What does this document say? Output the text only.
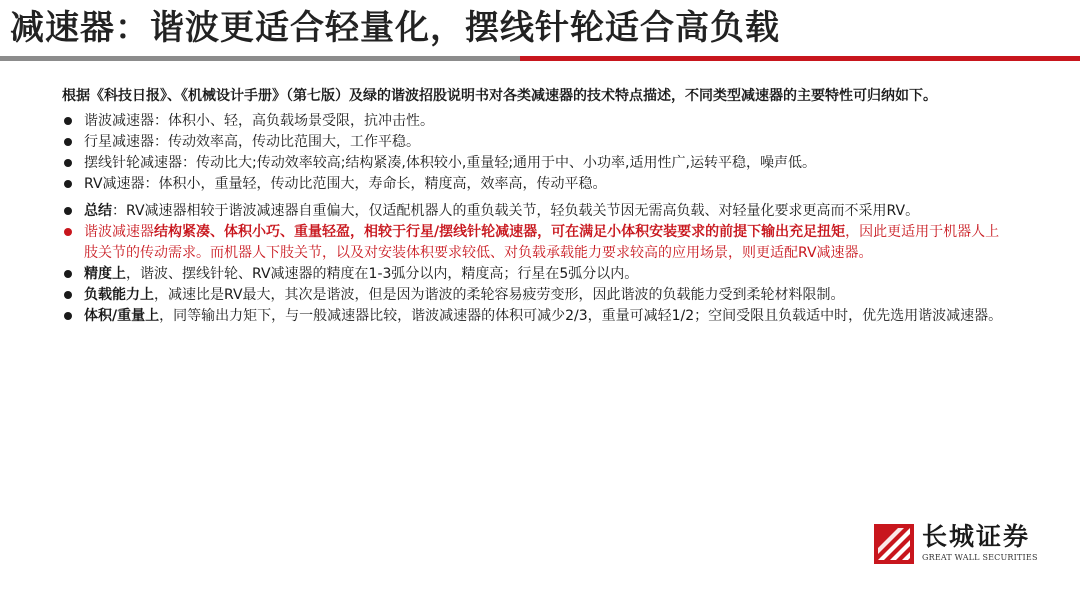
减速器：谐波更适合轻量化，摆线针轮适合高负载

根据《科技日报》、《机械设计手册》（第七版）及绿的谐波招股说明书对各类减速器的技术特点描述，不同类型减速器的主要特性可归纳如下。

谐波减速器：体积小、轻，高负载场景受限，抗冲击性。
行星减速器：传动效率高，传动比范围大，工作平稳。
摆线针轮减速器：传动比大;传动效率较高;结构紧凑,体积较小,重量轻;通用于中、小功率,适用性广,运转平稳，噪声低。
RV减速器：体积小，重量轻，传动比范围大，寿命长，精度高，效率高，传动平稳。
总结：RV减速器相较于谐波减速器自重偏大，仅适配机器人的重负载关节，轻负载关节因无需高负载、对轻量化要求更高而不采用RV。
谐波减速器结构紧凑、体积小巧、重量轻盈，相较于行星/摆线针轮减速器，可在满足小体积安装要求的前提下输出充足扭矩，因此更适用于机器人上肢关节的传动需求。而机器人下肢关节，以及对安装体积要求较低、对负载承载能力要求较高的应用场景，则更适配RV减速器。
精度上，谐波、摆线针轮、RV减速器的精度在1-3弧分以内，精度高；行星在5弧分以内。
负载能力上，减速比是RV最大，其次是谐波，但是因为谐波的柔轮容易疲劳变形，因此谐波的负载能力受到柔轮材料限制。
体积/重量上，同等输出力矩下，与一般减速器比较，谐波减速器的体积可减少2/3，重量可减轻1/2；空间受限且负载适中时，优先选用谐波减速器。
长城证券
GREAT WALL SECURITIES
